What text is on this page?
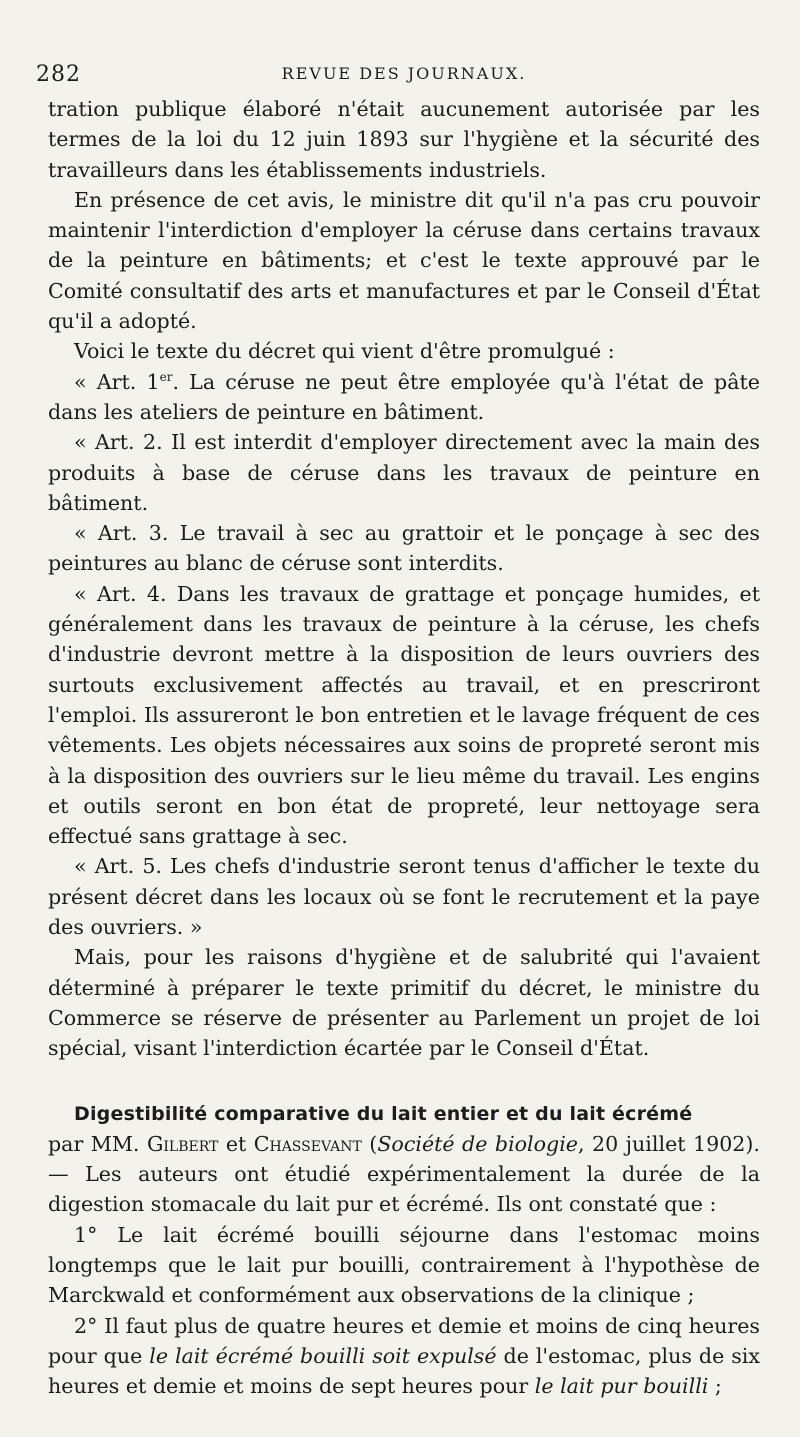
282	REVUE DES JOURNAUX.

tration publique élaboré n'était aucunement autorisée par les termes de la loi du 12 juin 1893 sur l'hygiène et la sécurité des travailleurs dans les établissements industriels.

En présence de cet avis, le ministre dit qu'il n'a pas cru pouvoir maintenir l'interdiction d'employer la céruse dans certains travaux de la peinture en bâtiments; et c'est le texte approuvé par le Comité consultatif des arts et manufactures et par le Conseil d'État qu'il a adopté.

Voici le texte du décret qui vient d'être promulgué :

« Art. 1er. La céruse ne peut être employée qu'à l'état de pâte dans les ateliers de peinture en bâtiment.

« Art. 2. Il est interdit d'employer directement avec la main des produits à base de céruse dans les travaux de peinture en bâtiment.

« Art. 3. Le travail à sec au grattoir et le ponçage à sec des peintures au blanc de céruse sont interdits.

« Art. 4. Dans les travaux de grattage et ponçage humides, et généralement dans les travaux de peinture à la céruse, les chefs d'industrie devront mettre à la disposition de leurs ouvriers des surtouts exclusivement affectés au travail, et en prescriront l'emploi. Ils assureront le bon entretien et le lavage fréquent de ces vêtements. Les objets nécessaires aux soins de propreté seront mis à la disposition des ouvriers sur le lieu même du travail. Les engins et outils seront en bon état de propreté, leur nettoyage sera effectué sans grattage à sec.

« Art. 5. Les chefs d'industrie seront tenus d'afficher le texte du présent décret dans les locaux où se font le recrutement et la paye des ouvriers. »

Mais, pour les raisons d'hygiène et de salubrité qui l'avaient déterminé à préparer le texte primitif du décret, le ministre du Commerce se réserve de présenter au Parlement un projet de loi spécial, visant l'interdiction écartée par le Conseil d'État.

Digestibilité comparative du lait entier et du lait écrémé

par MM. Gilbert et Chassevant (Société de biologie, 20 juillet 1902).— Les auteurs ont étudié expérimentalement la durée de la digestion stomacale du lait pur et écrémé. Ils ont constaté que :

1° Le lait écrémé bouilli séjourne dans l'estomac moins longtemps que le lait pur bouilli, contrairement à l'hypothèse de Marckwald et conformément aux observations de la clinique ;

2° Il faut plus de quatre heures et demie et moins de cinq heures pour que le lait écrémé bouilli soit expulsé de l'estomac, plus de six heures et demie et moins de sept heures pour le lait pur bouilli ;
